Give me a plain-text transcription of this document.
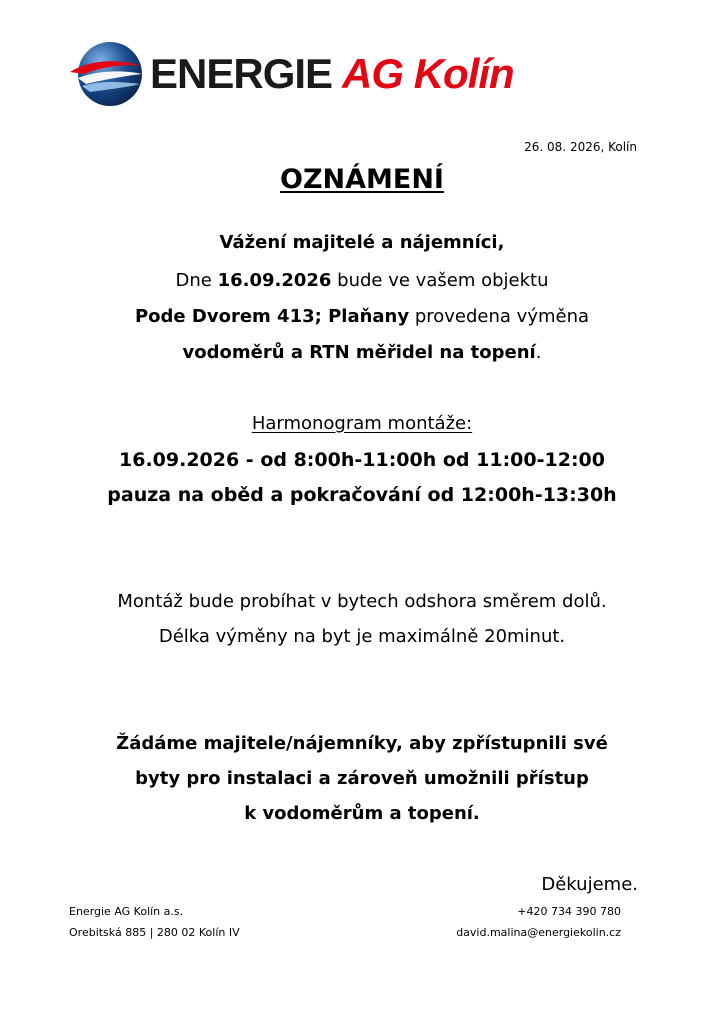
ENERGIE AG Kolín
26. 08. 2026, Kolín
OZNÁMENÍ
Vážení majitelé a nájemníci,
Dne 16.09.2026 bude ve vašem objektu
Pode Dvorem 413; Plaňany provedena výměna
vodoměrů a RTN měřidel na topení.
Harmonogram montáže:
16.09.2026 - od 8:00h-11:00h od 11:00-12:00
pauza na oběd a pokračování od 12:00h-13:30h
Montáž bude probíhat v bytech odshora směrem dolů.
Délka výměny na byt je maximálně 20minut.
Žádáme majitele/nájemníky, aby zpřístupnili své
byty pro instalaci a zároveň umožnili přístup
k vodoměrům a topení.
Děkujeme.
Energie AG Kolín a.s.
Orebitská 885 | 280 02 Kolín IV
+420 734 390 780
david.malina@energiekolin.cz
